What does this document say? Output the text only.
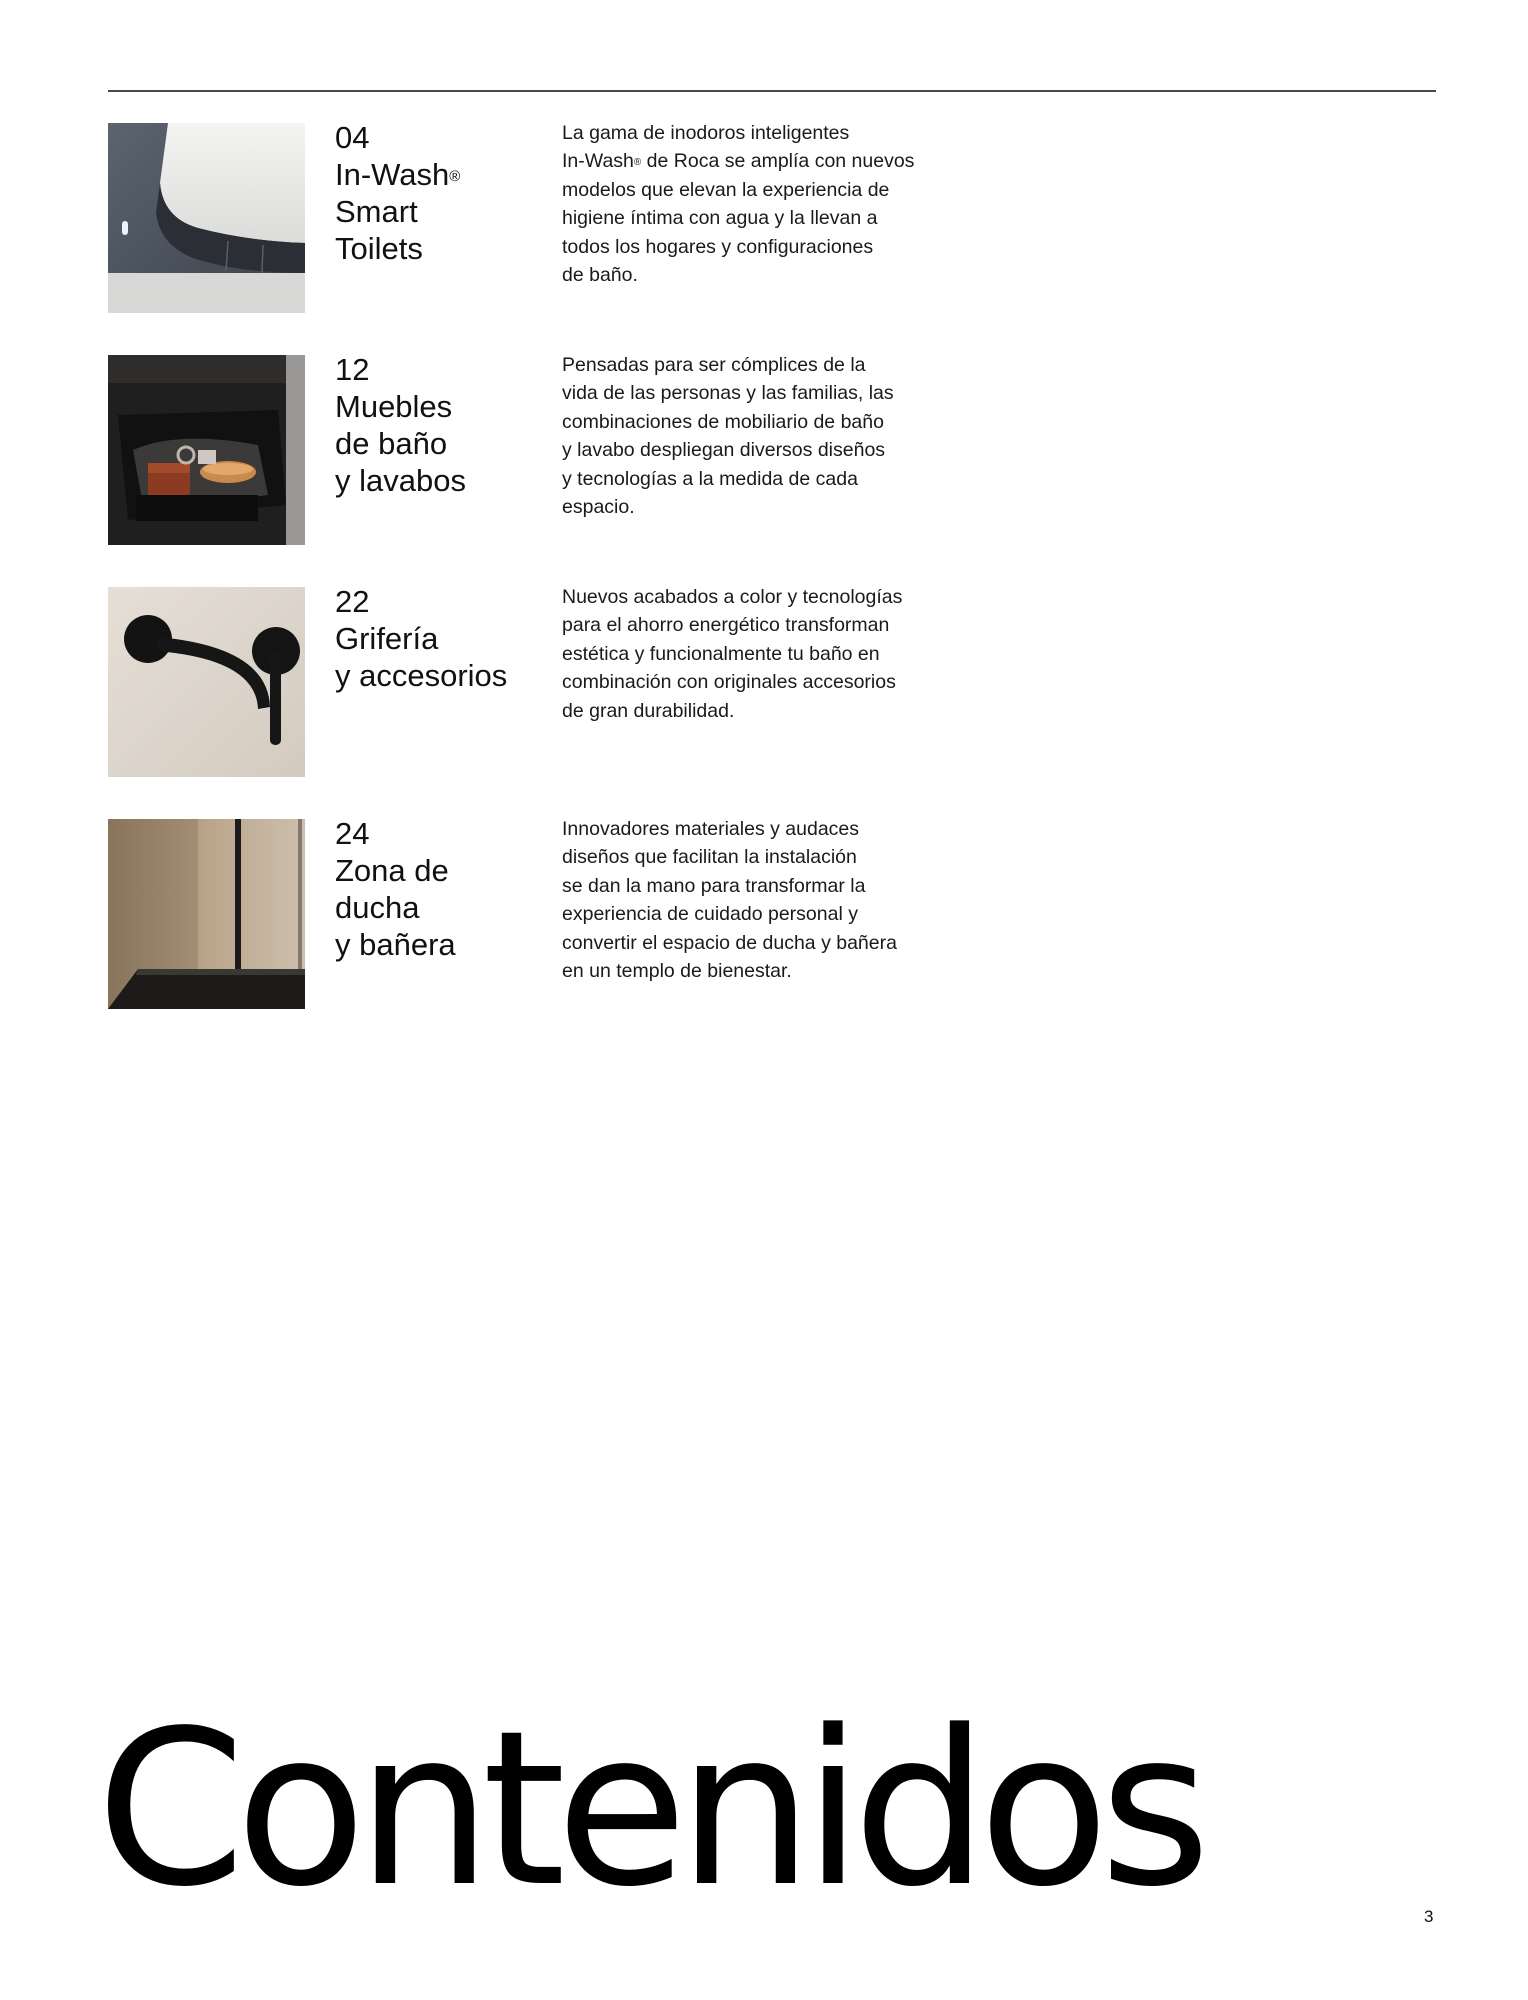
04
In-Wash®
Smart
Toilets
La gama de inodoros inteligentes
In-Wash® de Roca se amplía con nuevos
modelos que elevan la experiencia de
higiene íntima con agua y la llevan a
todos los hogares y configuraciones
de baño.
12
Muebles
de baño
y lavabos
Pensadas para ser cómplices de la
vida de las personas y las familias, las
combinaciones de mobiliario de baño
y lavabo despliegan diversos diseños
y tecnologías a la medida de cada
espacio.
22
Grifería
y accesorios
Nuevos acabados a color y tecnologías
para el ahorro energético transforman
estética y funcionalmente tu baño en
combinación con originales accesorios
de gran durabilidad.
24
Zona de
ducha
y bañera
Innovadores materiales y audaces
diseños que facilitan la instalación
se dan la mano para transformar la
experiencia de cuidado personal y
convertir el espacio de ducha y bañera
en un templo de bienestar.
Contenidos	3
